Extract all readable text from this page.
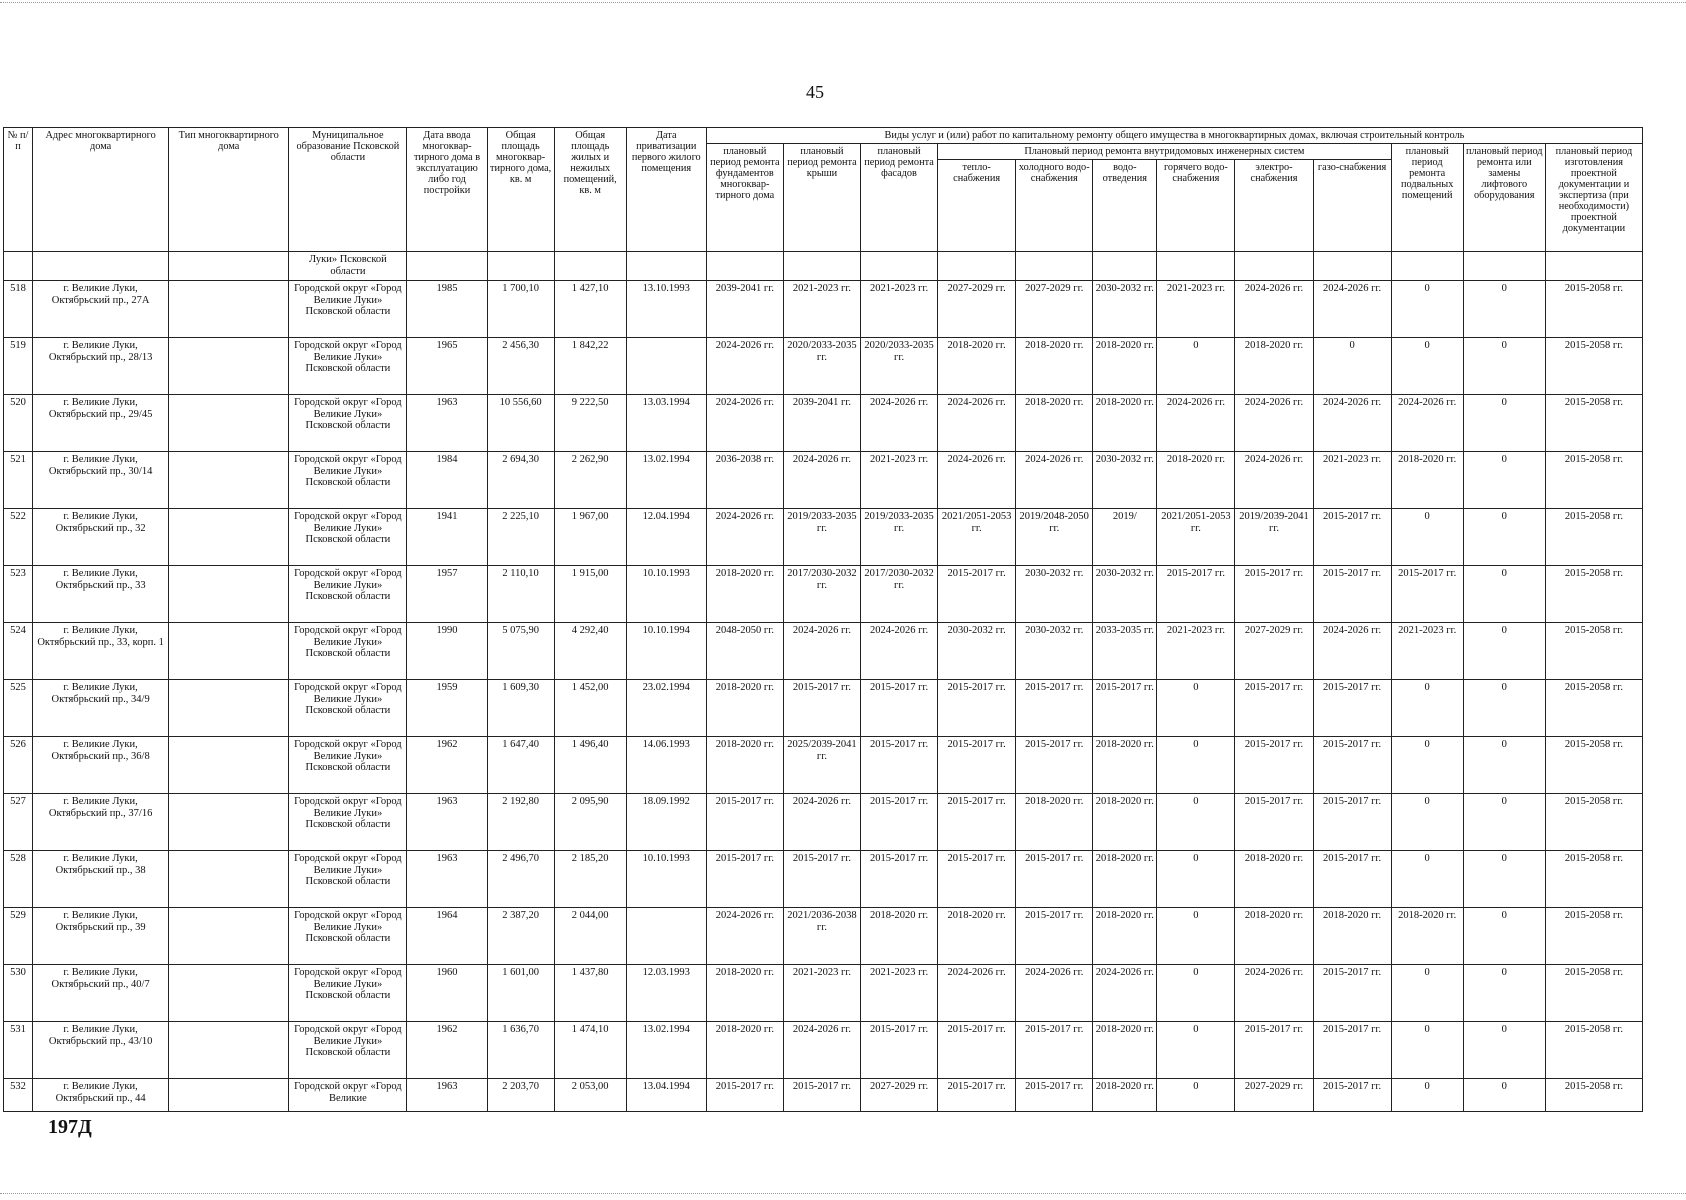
45
№ п/п	Адрес многоквартирного дома	Тип многоквартирного дома	Муниципальное образование Псковской области	Дата ввода многоквар-тирного дома в эксплуатацию либо год постройки	Общая площадь многоквар-тирного дома, кв. м	Общая площадь жилых и нежилых помещений, кв. м	Дата приватизации первого жилого помещения	Виды услуг и (или) работ по капитальному ремонту общего имущества в многоквартирных домах, включая строительный контроль											
								плановый период ремонта фундаментов многоквар-тирного дома	плановый период ремонта крыши	плановый период ремонта фасадов	Плановый период ремонта внутридомовых инженерных систем						плановый период ремонта подвальных помещений	плановый период ремонта или замены лифтового оборудования	плановый период изготовления проектной документации и экспертиза (при необходимости) проектной документации
											тепло-снабжения	холодного водо-снабжения	водо-отведения	горячего водо-снабжения	электро-снабжения	газо-снабжения			
			Луки» Псковской области																
518	г. Великие Луки, Октябрьский пр., 27А		Городской округ «Город Великие Луки» Псковской области	1985	1 700,10	1 427,10	13.10.1993	2039-2041 гг.	2021-2023 гг.	2021-2023 гг.	2027-2029 гг.	2027-2029 гг.	2030-2032 гг.	2021-2023 гг.	2024-2026 гг.	2024-2026 гг.	0	0	2015-2058 гг.
519	г. Великие Луки, Октябрьский пр., 28/13		Городской округ «Город Великие Луки» Псковской области	1965	2 456,30	1 842,22		2024-2026 гг.	2020/2033-2035 гг.	2020/2033-2035 гг.	2018-2020 гг.	2018-2020 гг.	2018-2020 гг.	0	2018-2020 гг.	0	0	0	2015-2058 гг.
520	г. Великие Луки, Октябрьский пр., 29/45		Городской округ «Город Великие Луки» Псковской области	1963	10 556,60	9 222,50	13.03.1994	2024-2026 гг.	2039-2041 гг.	2024-2026 гг.	2024-2026 гг.	2018-2020 гг.	2018-2020 гг.	2024-2026 гг.	2024-2026 гг.	2024-2026 гг.	2024-2026 гг.	0	2015-2058 гг.
521	г. Великие Луки, Октябрьский пр., 30/14		Городской округ «Город Великие Луки» Псковской области	1984	2 694,30	2 262,90	13.02.1994	2036-2038 гг.	2024-2026 гг.	2021-2023 гг.	2024-2026 гг.	2024-2026 гг.	2030-2032 гг.	2018-2020 гг.	2024-2026 гг.	2021-2023 гг.	2018-2020 гг.	0	2015-2058 гг.
522	г. Великие Луки, Октябрьский пр., 32		Городской округ «Город Великие Луки» Псковской области	1941	2 225,10	1 967,00	12.04.1994	2024-2026 гг.	2019/2033-2035 гг.	2019/2033-2035 гг.	2021/2051-2053 гг.	2019/2048-2050 гг.	2019/	2021/2051-2053 гг.	2019/2039-2041 гг.	2015-2017 гг.	0	0	2015-2058 гг.
523	г. Великие Луки, Октябрьский пр., 33		Городской округ «Город Великие Луки» Псковской области	1957	2 110,10	1 915,00	10.10.1993	2018-2020 гг.	2017/2030-2032 гг.	2017/2030-2032 гг.	2015-2017 гг.	2030-2032 гг.	2030-2032 гг.	2015-2017 гг.	2015-2017 гг.	2015-2017 гг.	2015-2017 гг.	0	2015-2058 гг.
524	г. Великие Луки, Октябрьский пр., 33, корп. 1		Городской округ «Город Великие Луки» Псковской области	1990	5 075,90	4 292,40	10.10.1994	2048-2050 гг.	2024-2026 гг.	2024-2026 гг.	2030-2032 гг.	2030-2032 гг.	2033-2035 гг.	2021-2023 гг.	2027-2029 гг.	2024-2026 гг.	2021-2023 гг.	0	2015-2058 гг.
525	г. Великие Луки, Октябрьский пр., 34/9		Городской округ «Город Великие Луки» Псковской области	1959	1 609,30	1 452,00	23.02.1994	2018-2020 гг.	2015-2017 гг.	2015-2017 гг.	2015-2017 гг.	2015-2017 гг.	2015-2017 гг.	0	2015-2017 гг.	2015-2017 гг.	0	0	2015-2058 гг.
526	г. Великие Луки, Октябрьский пр., 36/8		Городской округ «Город Великие Луки» Псковской области	1962	1 647,40	1 496,40	14.06.1993	2018-2020 гг.	2025/2039-2041 гг.	2015-2017 гг.	2015-2017 гг.	2015-2017 гг.	2018-2020 гг.	0	2015-2017 гг.	2015-2017 гг.	0	0	2015-2058 гг.
527	г. Великие Луки, Октябрьский пр., 37/16		Городской округ «Город Великие Луки» Псковской области	1963	2 192,80	2 095,90	18.09.1992	2015-2017 гг.	2024-2026 гг.	2015-2017 гг.	2015-2017 гг.	2018-2020 гг.	2018-2020 гг.	0	2015-2017 гг.	2015-2017 гг.	0	0	2015-2058 гг.
528	г. Великие Луки, Октябрьский пр., 38		Городской округ «Город Великие Луки» Псковской области	1963	2 496,70	2 185,20	10.10.1993	2015-2017 гг.	2015-2017 гг.	2015-2017 гг.	2015-2017 гг.	2015-2017 гг.	2018-2020 гг.	0	2018-2020 гг.	2015-2017 гг.	0	0	2015-2058 гг.
529	г. Великие Луки, Октябрьский пр., 39		Городской округ «Город Великие Луки» Псковской области	1964	2 387,20	2 044,00		2024-2026 гг.	2021/2036-2038 гг.	2018-2020 гг.	2018-2020 гг.	2015-2017 гг.	2018-2020 гг.	0	2018-2020 гг.	2018-2020 гг.	2018-2020 гг.	0	2015-2058 гг.
530	г. Великие Луки, Октябрьский пр., 40/7		Городской округ «Город Великие Луки» Псковской области	1960	1 601,00	1 437,80	12.03.1993	2018-2020 гг.	2021-2023 гг.	2021-2023 гг.	2024-2026 гг.	2024-2026 гг.	2024-2026 гг.	0	2024-2026 гг.	2015-2017 гг.	0	0	2015-2058 гг.
531	г. Великие Луки, Октябрьский пр., 43/10		Городской округ «Город Великие Луки» Псковской области	1962	1 636,70	1 474,10	13.02.1994	2018-2020 гг.	2024-2026 гг.	2015-2017 гг.	2015-2017 гг.	2015-2017 гг.	2018-2020 гг.	0	2015-2017 гг.	2015-2017 гг.	0	0	2015-2058 гг.
532	г. Великие Луки, Октябрьский пр., 44		Городской округ «Город Великие	1963	2 203,70	2 053,00	13.04.1994	2015-2017 гг.	2015-2017 гг.	2027-2029 гг.	2015-2017 гг.	2015-2017 гг.	2018-2020 гг.	0	2027-2029 гг.	2015-2017 гг.	0	0	2015-2058 гг.
197Д
